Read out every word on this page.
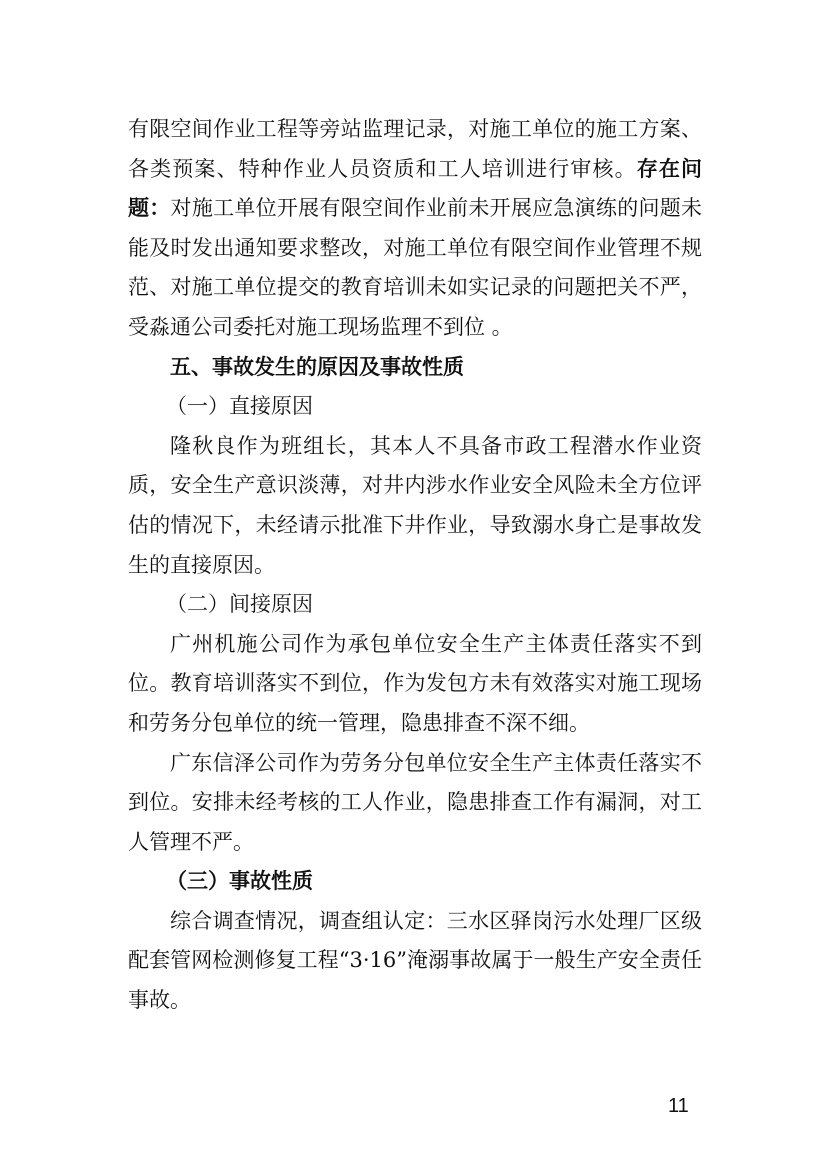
有限空间作业工程等旁站监理记录，对施工单位的施工方案、各类预案、特种作业人员资质和工人培训进行审核。存在问题：对施工单位开展有限空间作业前未开展应急演练的问题未能及时发出通知要求整改，对施工单位有限空间作业管理不规范、对施工单位提交的教育培训未如实记录的问题把关不严，受淼通公司委托对施工现场监理不到位 。

五、事故发生的原因及事故性质

（一）直接原因

隆秋良作为班组长，其本人不具备市政工程潜水作业资质，安全生产意识淡薄，对井内涉水作业安全风险未全方位评估的情况下，未经请示批准下井作业，导致溺水身亡是事故发生的直接原因。

（二）间接原因

广州机施公司作为承包单位安全生产主体责任落实不到位。教育培训落实不到位，作为发包方未有效落实对施工现场和劳务分包单位的统一管理，隐患排查不深不细。

广东信泽公司作为劳务分包单位安全生产主体责任落实不到位。安排未经考核的工人作业，隐患排查工作有漏洞，对工人管理不严。

（三）事故性质

综合调查情况，调查组认定：三水区驿岗污水处理厂区级配套管网检测修复工程“3·16”淹溺事故属于一般生产安全责任事故。

11
